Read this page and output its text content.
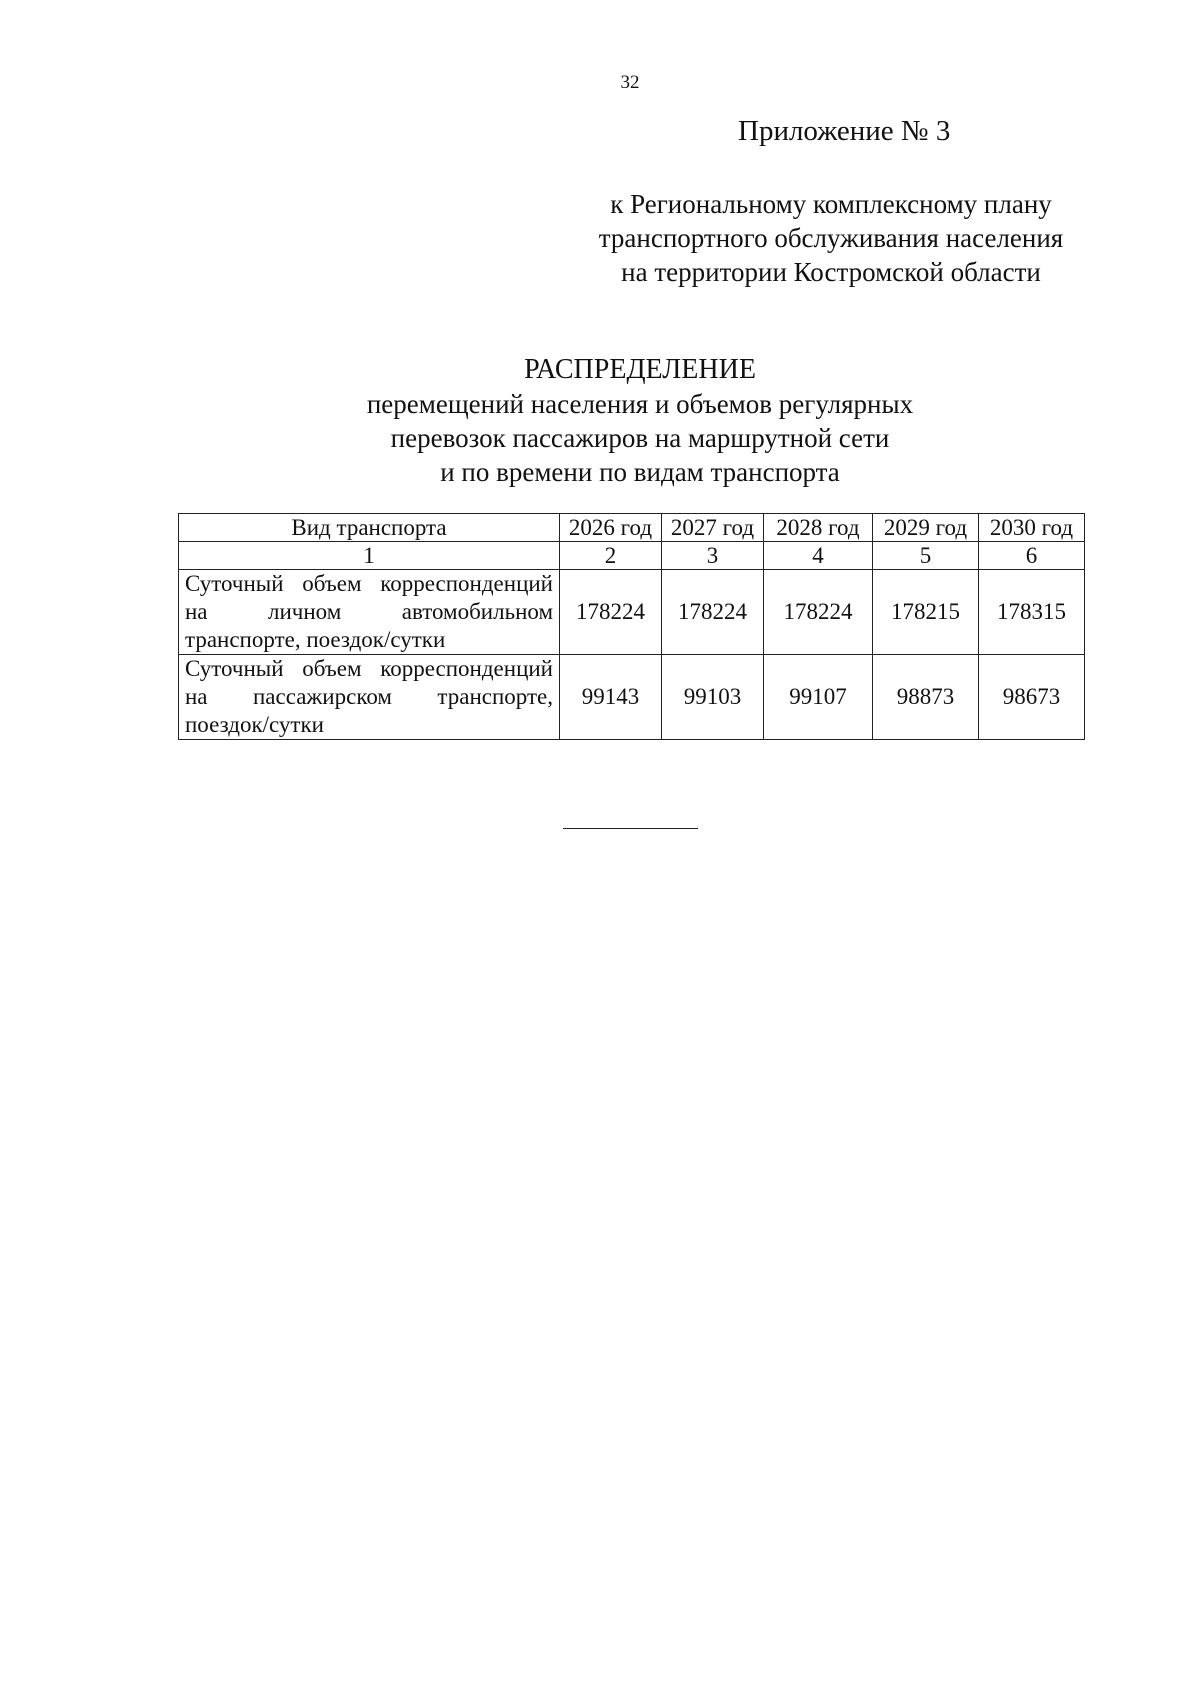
32
Приложение № 3
к Региональному комплексному плану
транспортного обслуживания населения
на территории Костромской области
РАСПРЕДЕЛЕНИЕ
перемещений населения и объемов регулярных
перевозок пассажиров на маршрутной сети
и по времени по видам транспорта
Вид транспорта	2026 год	2027 год	2028 год	2029 год	2030 год
1	2	3	4	5	6
Суточный объем корреспонденций на личном автомобильном транспорте, поездок/сутки	178224	178224	178224	178215	178315
Суточный объем корреспонденций на пассажирском транспорте, поездок/сутки	99143	99103	99107	98873	98673
